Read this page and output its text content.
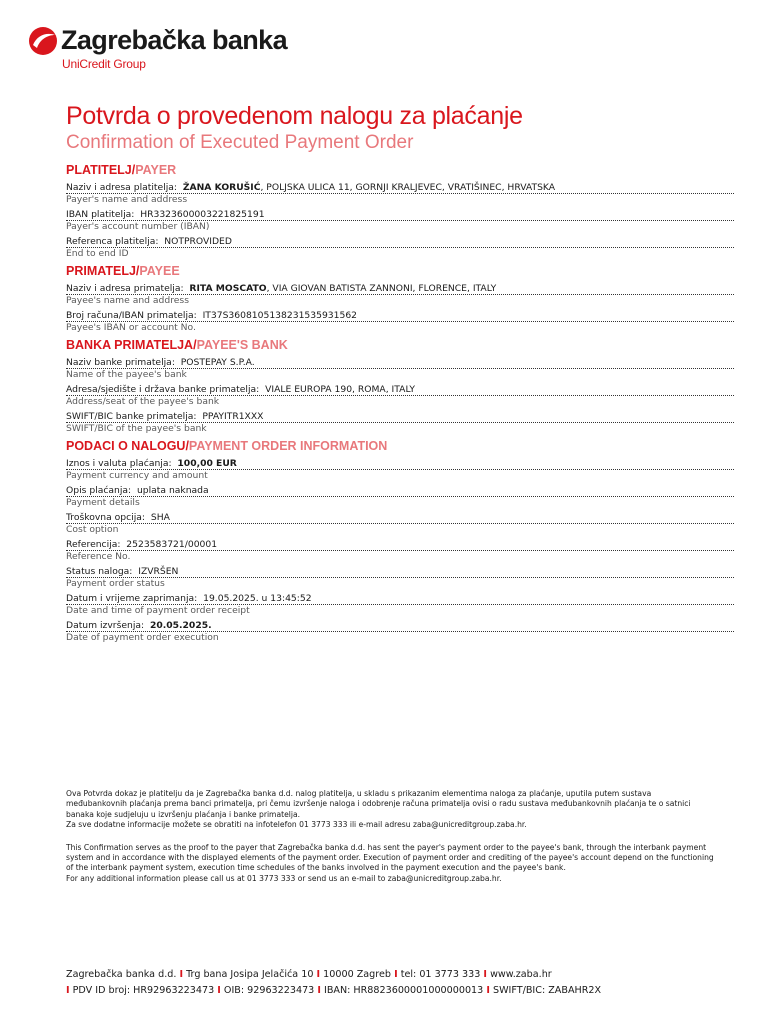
Zagrebačka banka
UniCredit Group
Potvrda o provedenom nalogu za plaćanje
Confirmation of Executed Payment Order
PLATITELJ/PAYER
Naziv i adresa platitelja: ŽANA KORUŠIĆ, POLJSKA ULICA 11, GORNJI KRALJEVEC, VRATIŠINEC, HRVATSKA
Payer's name and address
IBAN platitelja: HR3323600003221825191
Payer's account number (IBAN)
Referenca platitelja: NOTPROVIDED
End to end ID
PRIMATELJ/PAYEE
Naziv i adresa primatelja: RITA MOSCATO, VIA GIOVAN BATISTA ZANNONI, FLORENCE, ITALY
Payee's name and address
Broj računa/IBAN primatelja: IT37S3608105138231535931562
Payee's IBAN or account No.
BANKA PRIMATELJA/PAYEE'S BANK
Naziv banke primatelja: POSTEPAY S.P.A.
Name of the payee's bank
Adresa/sjedište i država banke primatelja: VIALE EUROPA 190, ROMA, ITALY
Address/seat of the payee's bank
SWIFT/BIC banke primatelja: PPAYITR1XXX
SWIFT/BIC of the payee's bank
PODACI O NALOGU/PAYMENT ORDER INFORMATION
Iznos i valuta plaćanja: 100,00 EUR
Payment currency and amount
Opis plaćanja: uplata naknada
Payment details
Troškovna opcija: SHA
Cost option
Referencija: 2523583721/00001
Reference No.
Status naloga: IZVRŠEN
Payment order status
Datum i vrijeme zaprimanja: 19.05.2025. u 13:45:52
Date and time of payment order receipt
Datum izvršenja: 20.05.2025.
Date of payment order execution

Ova Potvrda dokaz je platitelju da je Zagrebačka banka d.d. nalog platitelja, u skladu s prikazanim elementima naloga za plaćanje, uputila putem sustava
međubankovnih plaćanja prema banci primatelja, pri čemu izvršenje naloga i odobrenje računa primatelja ovisi o radu sustava međubankovnih plaćanja te o satnici
banaka koje sudjeluju u izvršenju plaćanja i banke primatelja.
Za sve dodatne informacije možete se obratiti na infotelefon 01 3773 333 ili e-mail adresu zaba@unicreditgroup.zaba.hr.

This Confirmation serves as the proof to the payer that Zagrebačka banka d.d. has sent the payer's payment order to the payee's bank, through the interbank payment
system and in accordance with the displayed elements of the payment order. Execution of payment order and crediting of the payee's account depend on the functioning
of the interbank payment system, execution time schedules of the banks involved in the payment execution and the payee's bank.
For any additional information please call us at 01 3773 333 or send us an e-mail to zaba@unicreditgroup.zaba.hr.

Zagrebačka banka d.d. I Trg bana Josipa Jelačića 10 I 10000 Zagreb I tel: 01 3773 333 I www.zaba.hr
I PDV ID broj: HR92963223473 I OIB: 92963223473 I IBAN: HR8823600001000000013 I SWIFT/BIC: ZABAHR2X
